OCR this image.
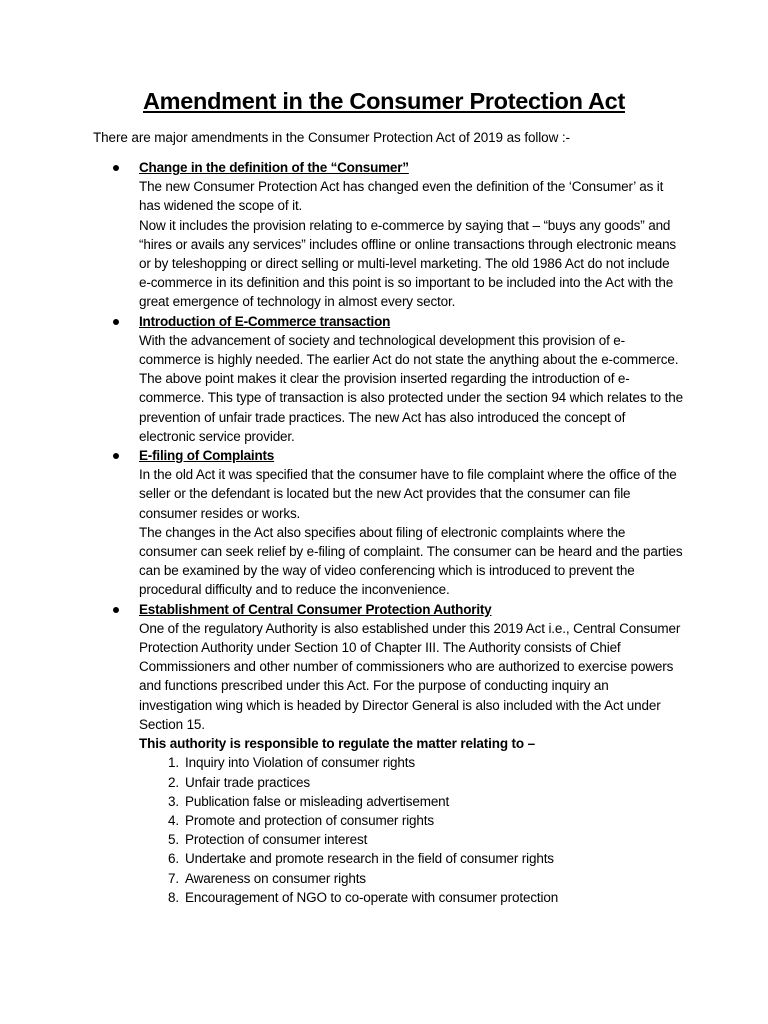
Amendment in the Consumer Protection Act

There are major amendments in the Consumer Protection Act of 2019 as follow :-

Change in the definition of the “Consumer”

The new Consumer Protection Act has changed even the definition of the ‘Consumer’ as it has widened the scope of it.

Now it includes the provision relating to e-commerce by saying that – “buys any goods” and “hires or avails any services” includes offline or online transactions through electronic means or by teleshopping or direct selling or multi-level marketing. The old 1986 Act do not include e-commerce in its definition and this point is so important to be included into the Act with the great emergence of technology in almost every sector.

Introduction of E-Commerce transaction

With the advancement of society and technological development this provision of e-commerce is highly needed. The earlier Act do not state the anything about the e-commerce. The above point makes it clear the provision inserted regarding the introduction of e-commerce. This type of transaction is also protected under the section 94 which relates to the prevention of unfair trade practices. The new Act has also introduced the concept of electronic service provider.

E-filing of Complaints

In the old Act it was specified that the consumer have to file complaint where the office of the seller or the defendant is located but the new Act provides that the consumer can file consumer resides or works.

The changes in the Act also specifies about filing of electronic complaints where the consumer can seek relief by e-filing of complaint. The consumer can be heard and the parties can be examined by the way of video conferencing which is introduced to prevent the procedural difficulty and to reduce the inconvenience.

Establishment of Central Consumer Protection Authority

One of the regulatory Authority is also established under this 2019 Act i.e., Central Consumer Protection Authority under Section 10 of Chapter III. The Authority consists of Chief Commissioners and other number of commissioners who are authorized to exercise powers and functions prescribed under this Act. For the purpose of conducting inquiry an investigation wing which is headed by Director General is also included with the Act under Section 15.

This authority is responsible to regulate the matter relating to –

1. Inquiry into Violation of consumer rights
2. Unfair trade practices
3. Publication false or misleading advertisement
4. Promote and protection of consumer rights
5. Protection of consumer interest
6. Undertake and promote research in the field of consumer rights
7. Awareness on consumer rights
8. Encouragement of NGO to co-operate with consumer protection
